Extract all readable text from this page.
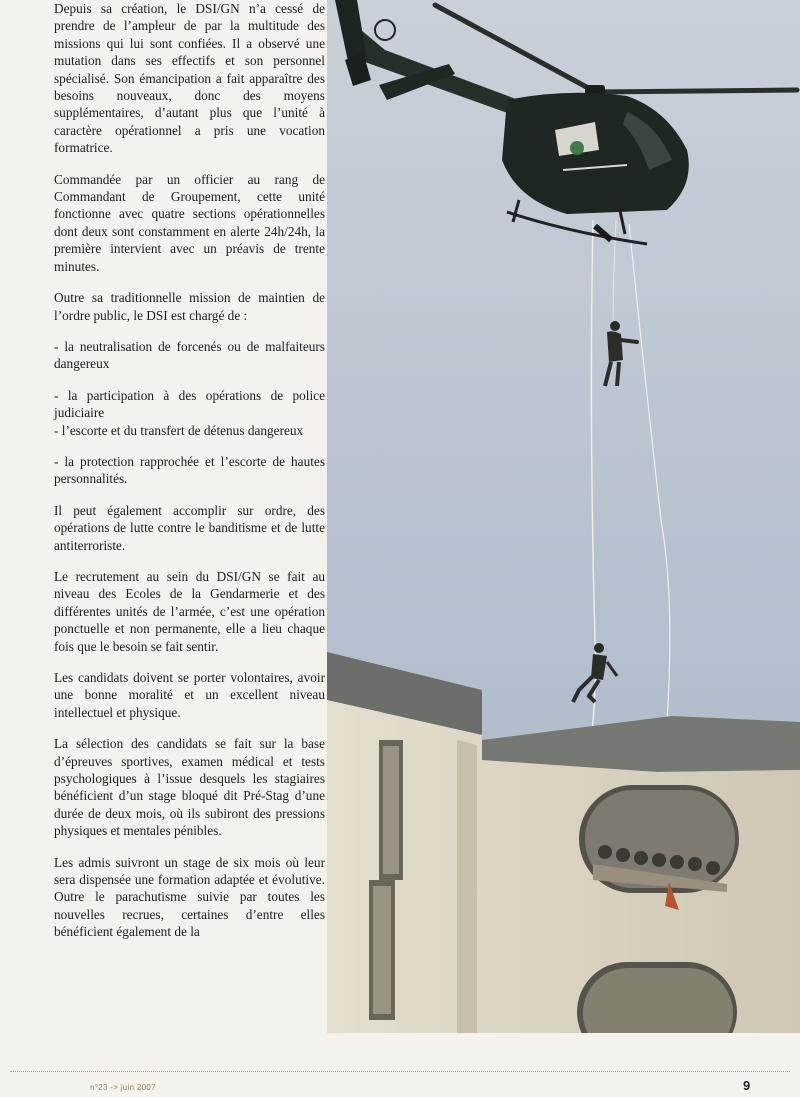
Depuis sa création, le DSI/GN n’a cessé de prendre de l’ampleur de par la multitude des missions qui lui sont confiées. Il a observé une mutation dans ses effectifs et son personnel spécialisé. Son émancipation a fait apparaître des besoins nouveaux, donc des moyens supplémentaires, d’autant plus que l’unité à caractère opérationnel a pris une vocation formatrice.

Commandée par un officier au rang de Commandant de Groupement, cette unité fonctionne avec quatre sections opérationnelles dont deux sont constamment en alerte 24h/24h, la première intervient avec un préavis de trente minutes.

Outre sa traditionnelle mission de maintien de l’ordre public, le DSI est chargé de :

- la neutralisation de forcenés ou de malfaiteurs dangereux

- la participation à des opérations de police judiciaire

- l’escorte et du transfert de détenus dangereux

- la protection rapprochée et l’escorte de hautes personnalités.

Il peut également accomplir sur ordre, des opérations de lutte contre le banditisme et de lutte antiterroriste.

Le recrutement au sein du DSI/GN se fait au niveau des Ecoles de la Gendarmerie et des différentes unités de l’armée, c’est une opération ponctuelle et non permanente, elle a lieu chaque fois que le besoin se fait sentir.

Les candidats doivent se porter volontaires, avoir une bonne moralité et un excellent niveau intellectuel et physique.

La sélection des candidats se fait sur la base d’épreuves sportives, examen médical et tests psychologiques à l’issue desquels les stagiaires bénéficient d’un stage bloqué dit Pré-Stag d’une durée de deux mois, où ils subiront des pressions physiques et mentales pénibles.

Les admis suivront un stage de six mois où leur sera dispensée une formation adaptée et évolutive. Outre le parachutisme suivie par toutes les nouvelles recrues, certaines d’entre elles bénéficient également de la

n°23 -> juin 2007	9
